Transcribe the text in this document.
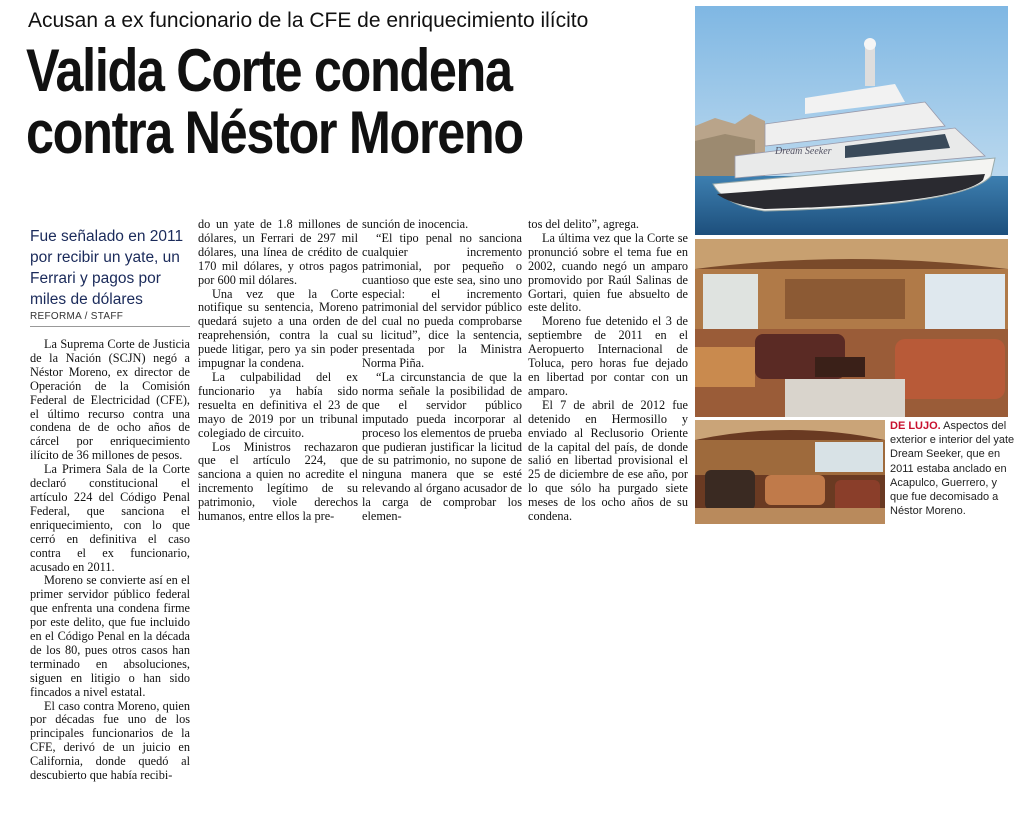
Acusan a ex funcionario de la CFE de enriquecimiento ilícito
Valida Corte condena
contra Néstor Moreno
Fue señalado en 2011 por recibir un yate, un Ferrari y pagos por miles de dólares
REFORMA / STAFF

La Suprema Corte de Justicia de la Nación (SCJN) negó a Néstor Moreno, ex director de Operación de la Comisión Federal de Electricidad (CFE), el último recurso contra una condena de de ocho años de cárcel por enriquecimiento ilícito de 36 millones de pesos.

La Primera Sala de la Corte declaró constitucional el artículo 224 del Código Penal Federal, que sanciona el enriquecimiento, con lo que cerró en definitiva el caso contra el ex funcionario, acusado en 2011.

Moreno se convierte así en el primer servidor público federal que enfrenta una condena firme por este delito, que fue incluido en el Código Penal en la década de los 80, pues otros casos han terminado en absoluciones, siguen en litigio o han sido fincados a nivel estatal.

El caso contra Moreno, quien por décadas fue uno de los principales funcionarios de la CFE, derivó de un juicio en California, donde quedó al descubierto que había recibi-

do un yate de 1.8 millones de dólares, un Ferrari de 297 mil dólares, una línea de crédito de 170 mil dólares, y otros pagos por 600 mil dólares.

Una vez que la Corte notifique su sentencia, Moreno quedará sujeto a una orden de reaprehensión, contra la cual puede litigar, pero ya sin poder impugnar la condena.

La culpabilidad del ex funcionario ya había sido resuelta en definitiva el 23 de mayo de 2019 por un tribunal colegiado de circuito.

Los Ministros rechazaron que el artículo 224, que sanciona a quien no acredite el incremento legítimo de su patrimonio, viole derechos humanos, entre ellos la pre-

sunción de inocencia.

“El tipo penal no sanciona cualquier incremento patrimonial, por pequeño o cuantioso que este sea, sino uno especial: el incremento patrimonial del servidor público del cual no pueda comprobarse su licitud”, dice la sentencia, presentada por la Ministra Norma Piña.

“La circunstancia de que la norma señale la posibilidad de que el servidor público imputado pueda incorporar al proceso los elementos de prueba que pudieran justificar la licitud de su patrimonio, no supone de ninguna manera que se esté relevando al órgano acusador de la carga de comprobar los elemen-

tos del delito”, agrega.

La última vez que la Corte se pronunció sobre el tema fue en 2002, cuando negó un amparo promovido por Raúl Salinas de Gortari, quien fue absuelto de este delito.

Moreno fue detenido el 3 de septiembre de 2011 en el Aeropuerto Internacional de Toluca, pero horas fue dejado en libertad por contar con un amparo.

El 7 de abril de 2012 fue detenido en Hermosillo y enviado al Reclusorio Oriente de la capital del país, de donde salió en libertad provisional el 25 de diciembre de ese año, por lo que sólo ha purgado siete meses de los ocho años de su condena.

Dream Seeker
DE LUJO. Aspectos del exterior e interior del yate Dream Seeker, que en 2011 estaba anclado en Acapulco, Guerrero, y que fue decomisado a Néstor Moreno.
